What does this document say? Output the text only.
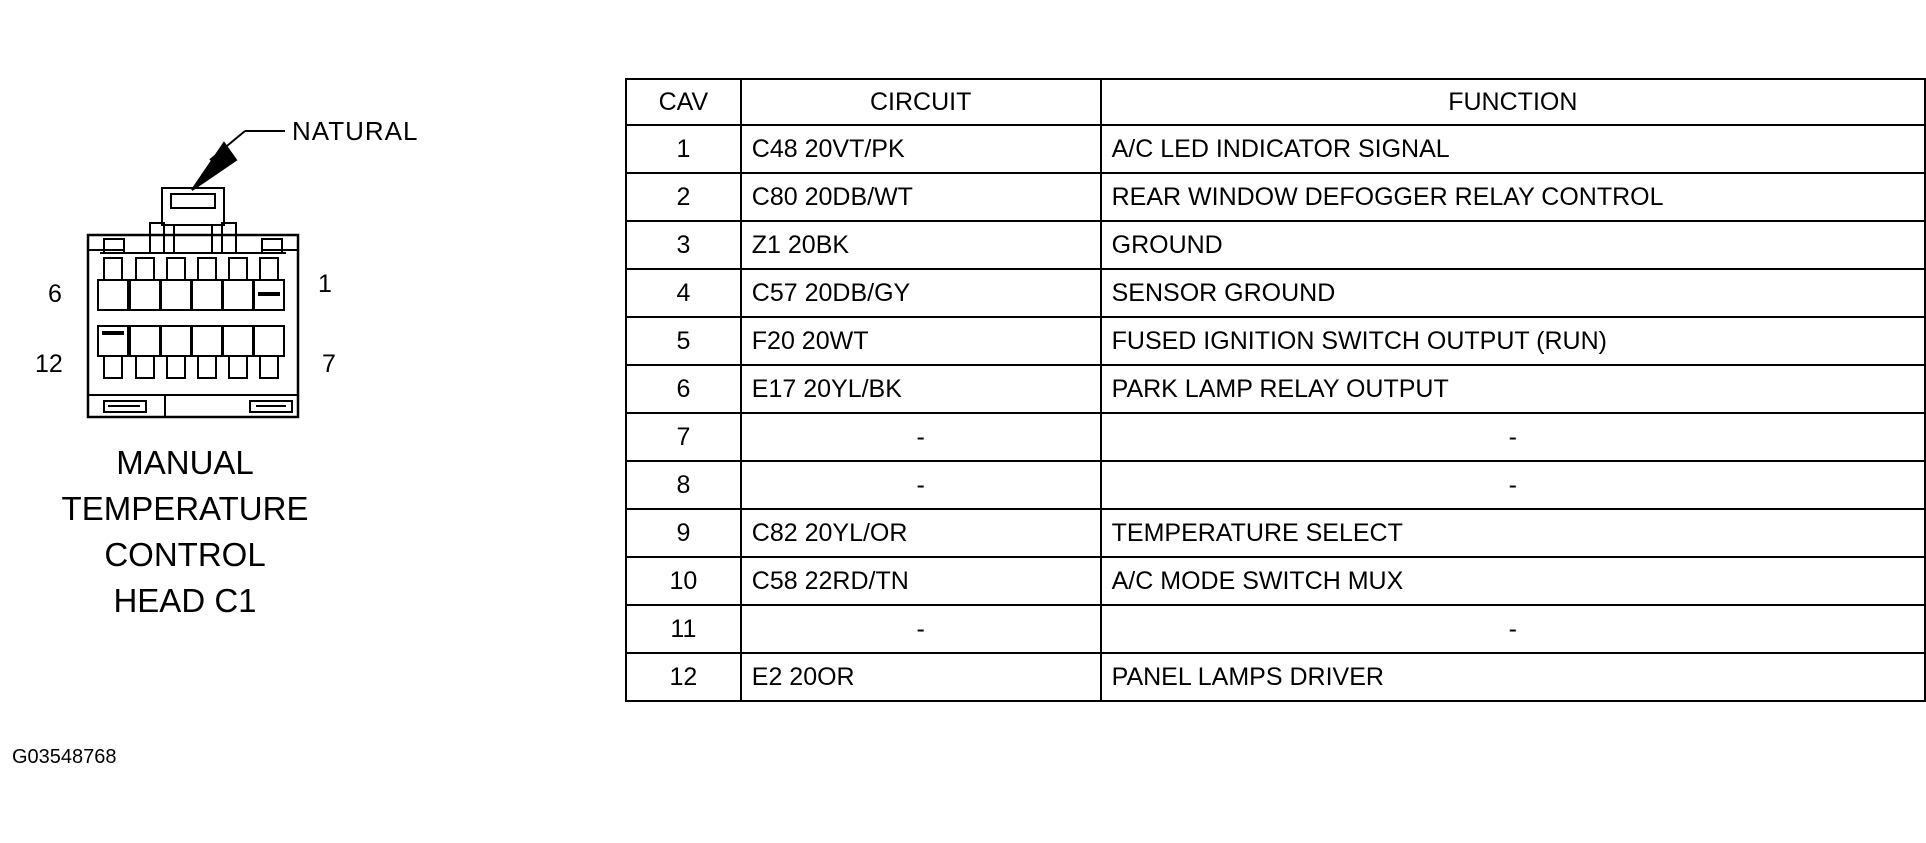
NATURAL
6	1
12	7
MANUAL
TEMPERATURE
CONTROL
HEAD C1
G03548768
CAV	CIRCUIT	FUNCTION
1	C48 20VT/PK	A/C LED INDICATOR SIGNAL
2	C80 20DB/WT	REAR WINDOW DEFOGGER RELAY CONTROL
3	Z1 20BK	GROUND
4	C57 20DB/GY	SENSOR GROUND
5	F20 20WT	FUSED IGNITION SWITCH OUTPUT (RUN)
6	E17 20YL/BK	PARK LAMP RELAY OUTPUT
7	-	-
8	-	-
9	C82 20YL/OR	TEMPERATURE SELECT
10	C58 22RD/TN	A/C MODE SWITCH MUX
11	-	-
12	E2 20OR	PANEL LAMPS DRIVER
